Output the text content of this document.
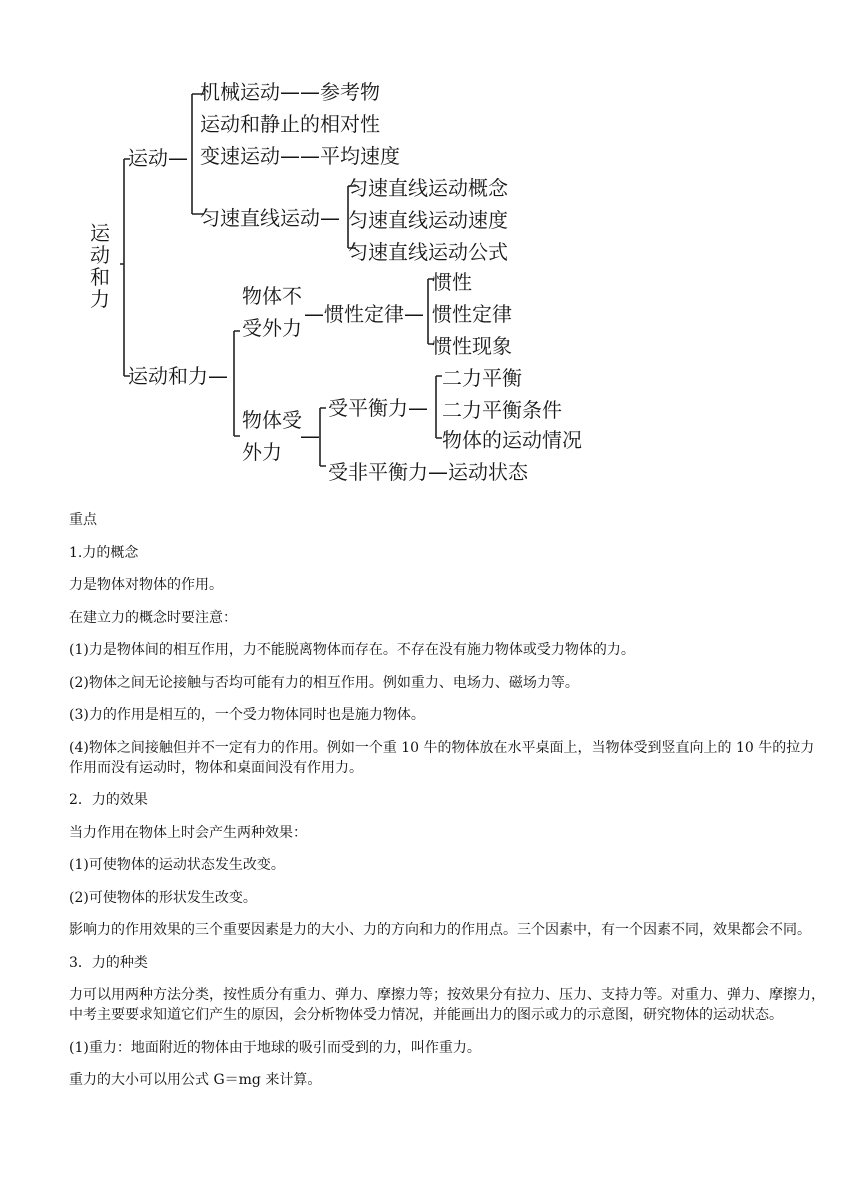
运动和力
运动—
机械运动——参考物
运动和静止的相对性
变速运动——平均速度
匀速直线运动—
匀速直线运动概念
匀速直线运动速度
匀速直线运动公式
运动和力—
物体不
受外力
—惯性定律—
惯性
惯性定律
惯性现象
物体受
外力
—
受平衡力—
二力平衡
二力平衡条件
物体的运动情况
受非平衡力—运动状态

重点

1.力的概念

力是物体对物体的作用。

在建立力的概念时要注意：

(1)力是物体间的相互作用，力不能脱离物体而存在。不存在没有施力物体或受力物体的力。

(2)物体之间无论接触与否均可能有力的相互作用。例如重力、电场力、磁场力等。

(3)力的作用是相互的，一个受力物体同时也是施力物体。

(4)物体之间接触但并不一定有力的作用。例如一个重 10 牛的物体放在水平桌面上，当物体受到竖直向上的 10 牛的拉力作用而没有运动时，物体和桌面间没有作用力。

2．力的效果

当力作用在物体上时会产生两种效果：

(1)可使物体的运动状态发生改变。

(2)可使物体的形状发生改变。

影响力的作用效果的三个重要因素是力的大小、力的方向和力的作用点。三个因素中，有一个因素不同，效果都会不同。

3．力的种类

力可以用两种方法分类，按性质分有重力、弹力、摩擦力等；按效果分有拉力、压力、支持力等。对重力、弹力、摩擦力，中考主要要求知道它们产生的原因，会分析物体受力情况，并能画出力的图示或力的示意图，研究物体的运动状态。

(1)重力：地面附近的物体由于地球的吸引而受到的力，叫作重力。

重力的大小可以用公式 G＝mg 来计算。
